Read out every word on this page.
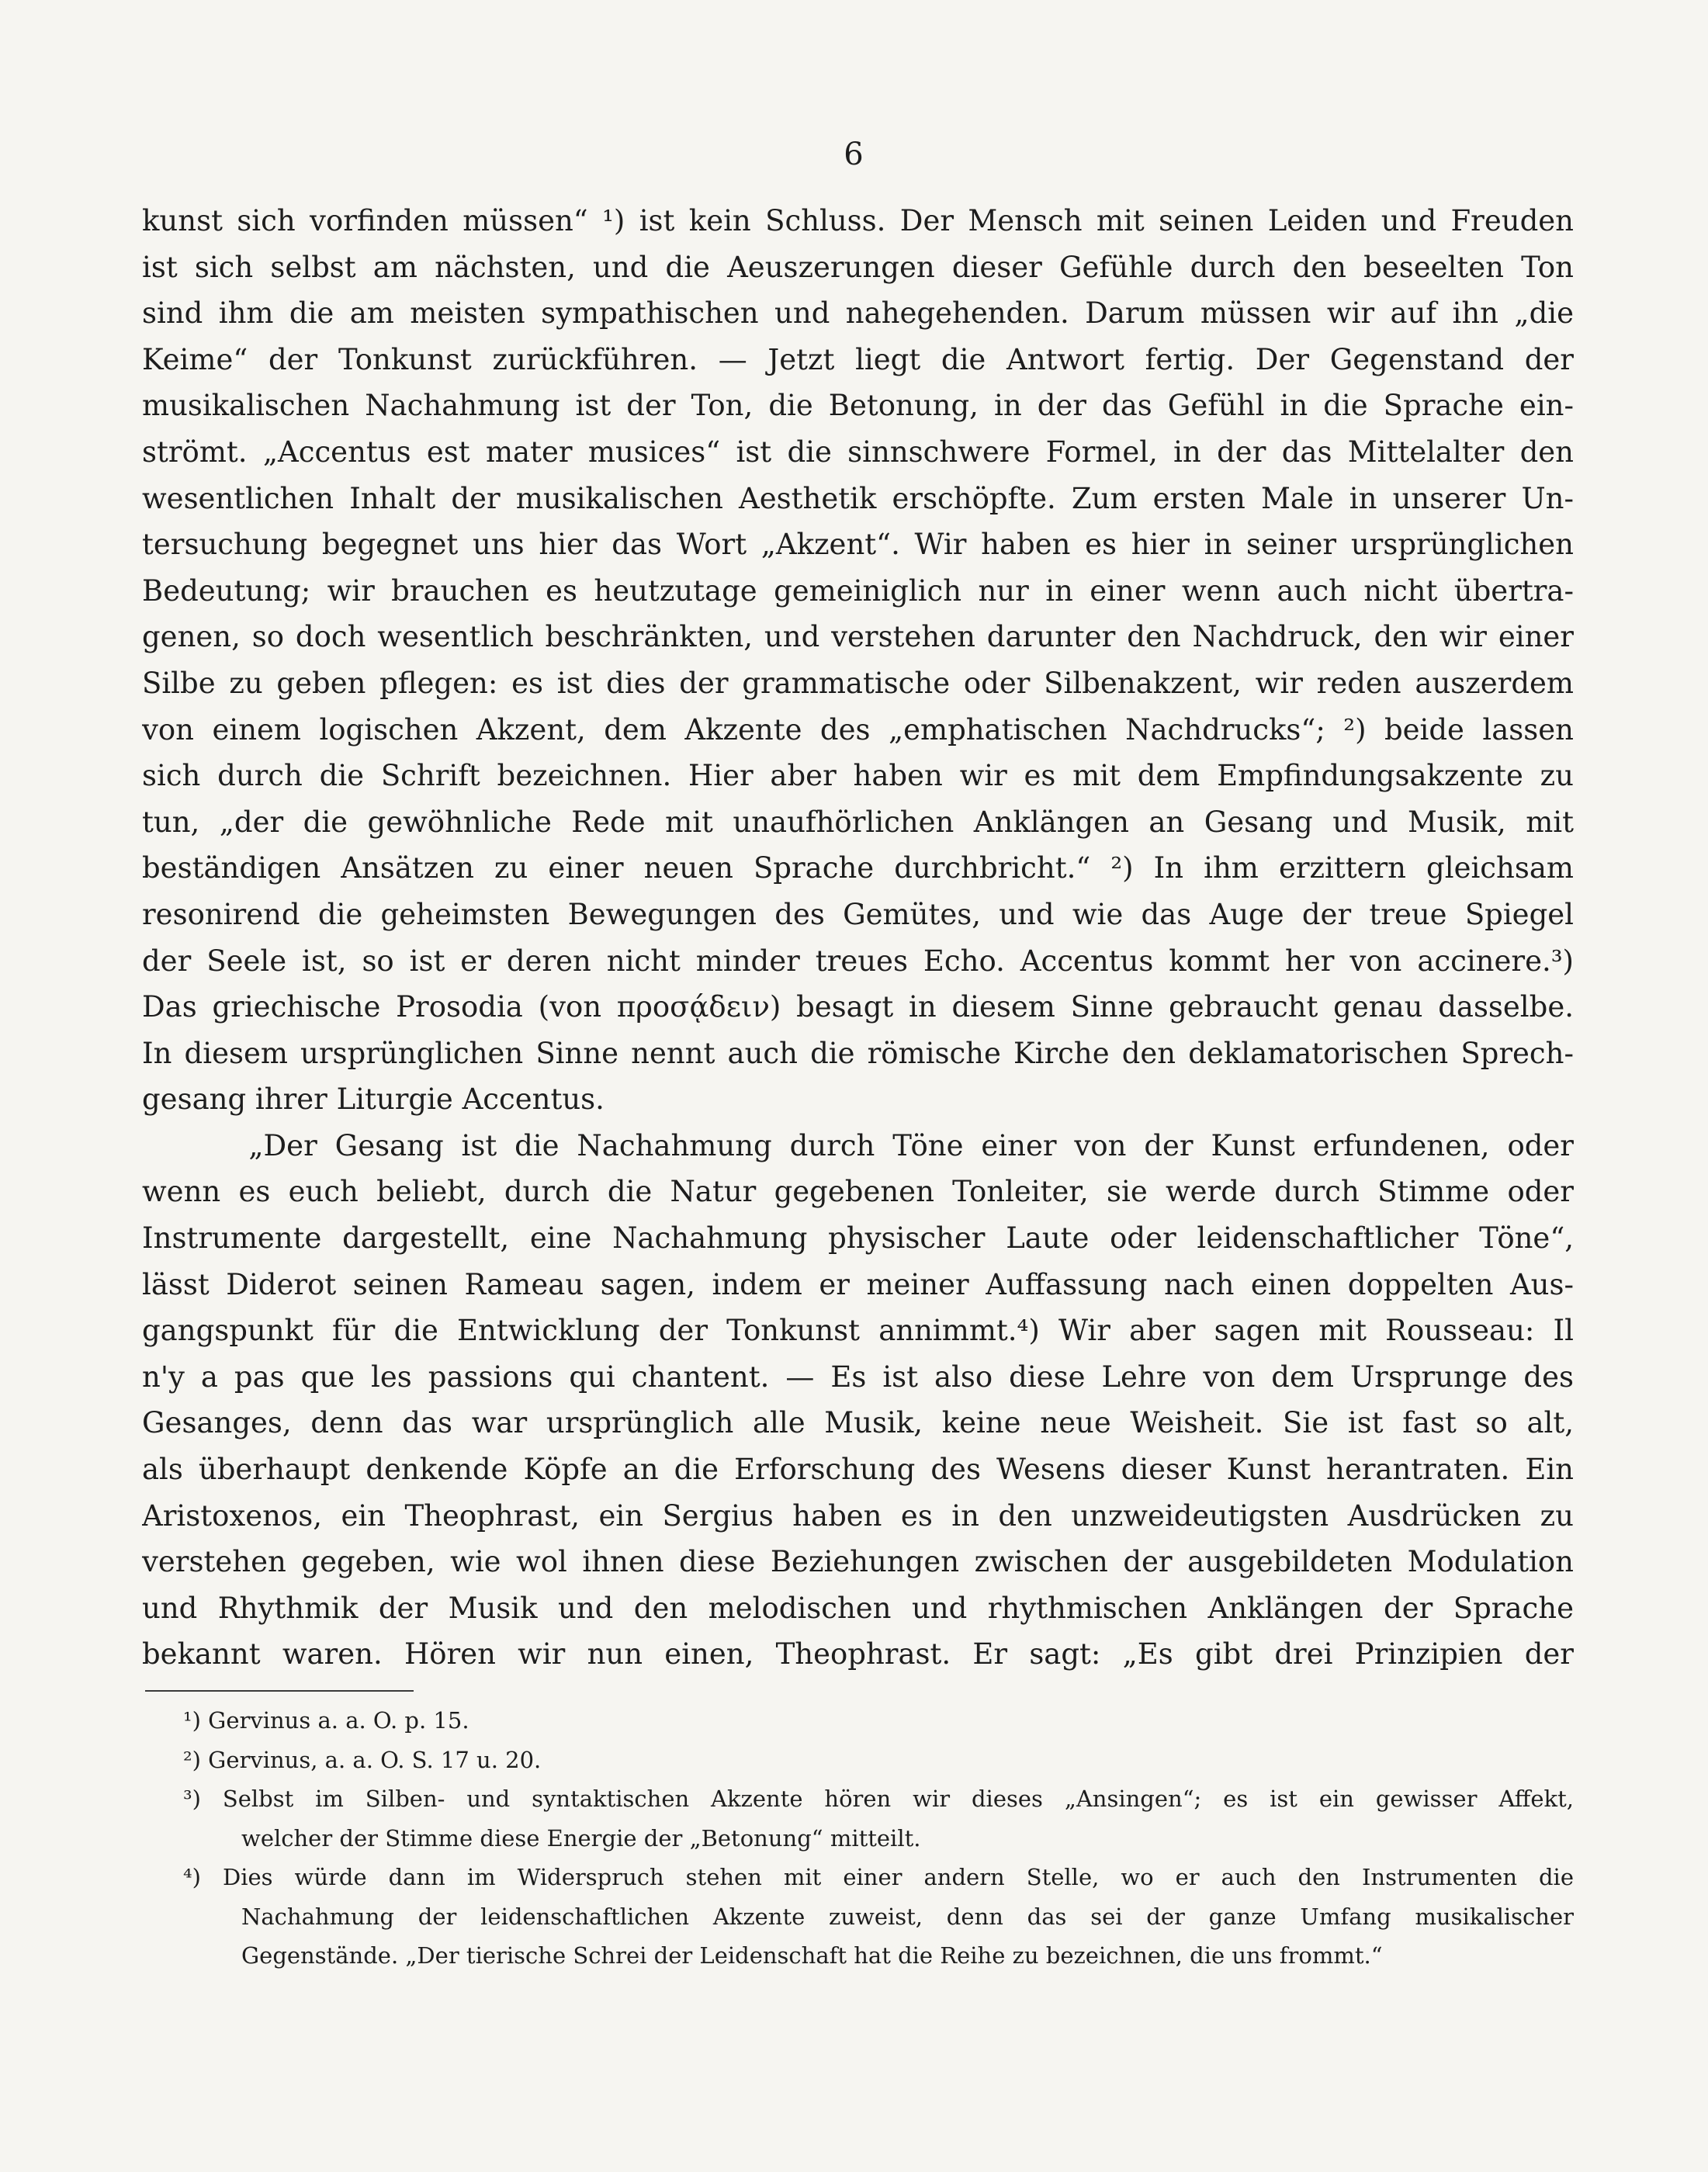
6
kunst sich vorfinden müssen“ ¹) ist kein Schluss. Der Mensch mit seinen Leiden und Freuden
ist sich selbst am nächsten, und die Aeuszerungen dieser Gefühle durch den beseelten Ton
sind ihm die am meisten sympathischen und nahegehenden. Darum müssen wir auf ihn „die
Keime“ der Tonkunst zurückführen. — Jetzt liegt die Antwort fertig. Der Gegenstand der
musikalischen Nachahmung ist der Ton, die Betonung, in der das Gefühl in die Sprache ein-
strömt. „Accentus est mater musices“ ist die sinnschwere Formel, in der das Mittelalter den
wesentlichen Inhalt der musikalischen Aesthetik erschöpfte. Zum ersten Male in unserer Un-
tersuchung begegnet uns hier das Wort „Akzent“. Wir haben es hier in seiner ursprünglichen
Bedeutung; wir brauchen es heutzutage gemeiniglich nur in einer wenn auch nicht übertra-
genen, so doch wesentlich beschränkten, und verstehen darunter den Nachdruck, den wir einer
Silbe zu geben pflegen: es ist dies der grammatische oder Silbenakzent, wir reden auszerdem
von einem logischen Akzent, dem Akzente des „emphatischen Nachdrucks“; ²) beide lassen
sich durch die Schrift bezeichnen. Hier aber haben wir es mit dem Empfindungsakzente zu
tun, „der die gewöhnliche Rede mit unaufhörlichen Anklängen an Gesang und Musik, mit
beständigen Ansätzen zu einer neuen Sprache durchbricht.“ ²) In ihm erzittern gleichsam
resonirend die geheimsten Bewegungen des Gemütes, und wie das Auge der treue Spiegel
der Seele ist, so ist er deren nicht minder treues Echo. Accentus kommt her von accinere.³)
Das griechische Prosodia (von προσᾴδειν) besagt in diesem Sinne gebraucht genau dasselbe.
In diesem ursprünglichen Sinne nennt auch die römische Kirche den deklamatorischen Sprech-
gesang ihrer Liturgie Accentus.
„Der Gesang ist die Nachahmung durch Töne einer von der Kunst erfundenen, oder
wenn es euch beliebt, durch die Natur gegebenen Tonleiter, sie werde durch Stimme oder
Instrumente dargestellt, eine Nachahmung physischer Laute oder leidenschaftlicher Töne“,
lässt Diderot seinen Rameau sagen, indem er meiner Auffassung nach einen doppelten Aus-
gangspunkt für die Entwicklung der Tonkunst annimmt.⁴) Wir aber sagen mit Rousseau: Il
n'y a pas que les passions qui chantent. — Es ist also diese Lehre von dem Ursprunge des
Gesanges, denn das war ursprünglich alle Musik, keine neue Weisheit. Sie ist fast so alt,
als überhaupt denkende Köpfe an die Erforschung des Wesens dieser Kunst herantraten. Ein
Aristoxenos, ein Theophrast, ein Sergius haben es in den unzweideutigsten Ausdrücken zu
verstehen gegeben, wie wol ihnen diese Beziehungen zwischen der ausgebildeten Modulation
und Rhythmik der Musik und den melodischen und rhythmischen Anklängen der Sprache
bekannt waren. Hören wir nun einen, Theophrast. Er sagt: „Es gibt drei Prinzipien der
¹) Gervinus a. a. O. p. 15.
²) Gervinus, a. a. O. S. 17 u. 20.
³) Selbst im Silben- und syntaktischen Akzente hören wir dieses „Ansingen“; es ist ein gewisser Affekt,
welcher der Stimme diese Energie der „Betonung“ mitteilt.
⁴) Dies würde dann im Widerspruch stehen mit einer andern Stelle, wo er auch den Instrumenten die
Nachahmung der leidenschaftlichen Akzente zuweist, denn das sei der ganze Umfang musikalischer
Gegenstände. „Der tierische Schrei der Leidenschaft hat die Reihe zu bezeichnen, die uns frommt.“
